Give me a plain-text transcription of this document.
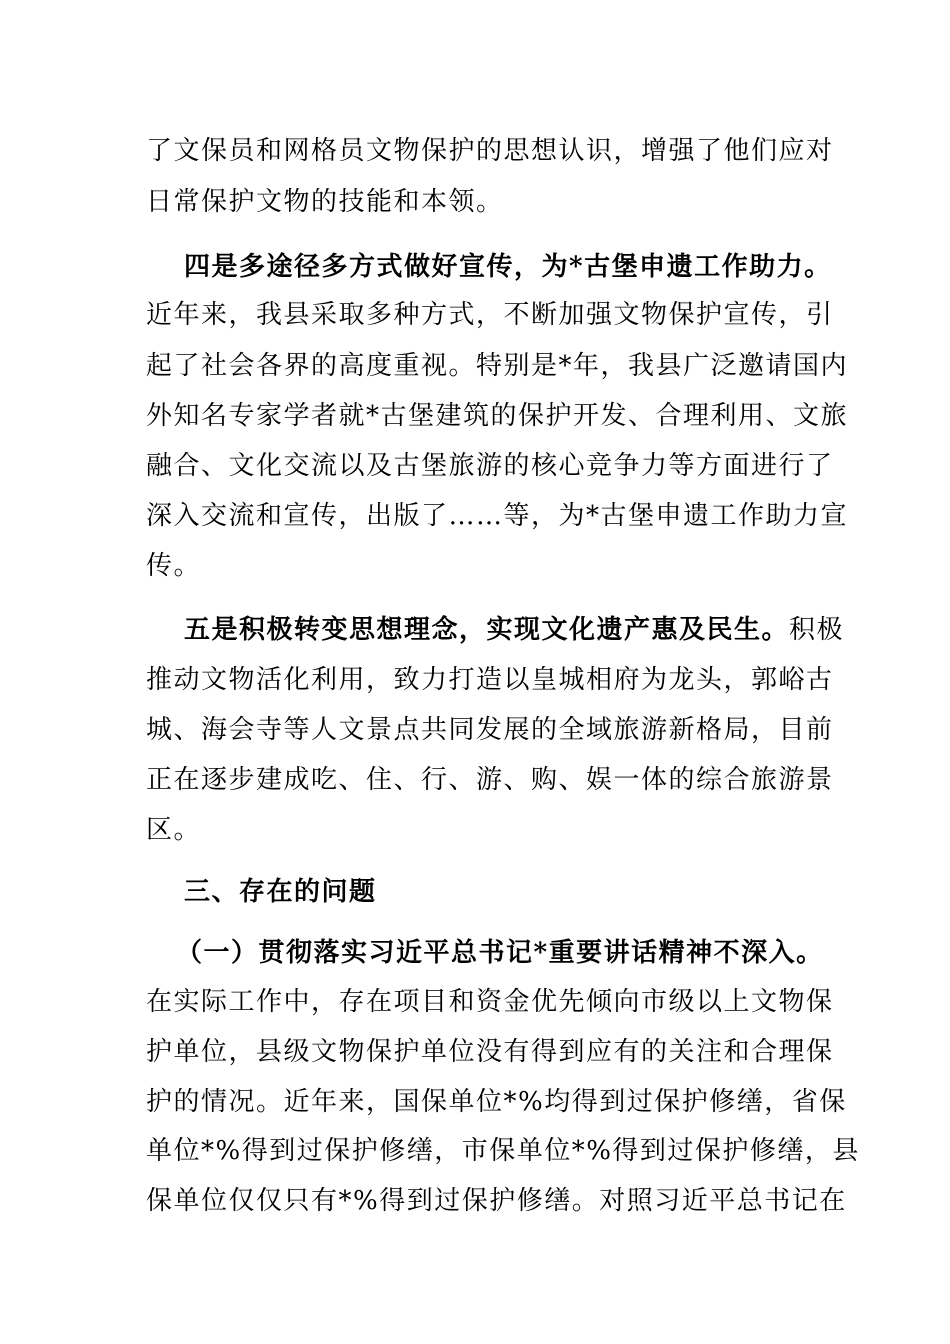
了文保员和网格员文物保护的思想认识，增强了他们应对
日常保护文物的技能和本领。
四是多途径多方式做好宣传，为*古堡申遗工作助力。
近年来，我县采取多种方式，不断加强文物保护宣传，引
起了社会各界的高度重视。特别是*年，我县广泛邀请国内
外知名专家学者就*古堡建筑的保护开发、合理利用、文旅
融合、文化交流以及古堡旅游的核心竞争力等方面进行了
深入交流和宣传，出版了……等，为*古堡申遗工作助力宣
传。
五是积极转变思想理念，实现文化遗产惠及民生。积极
推动文物活化利用，致力打造以皇城相府为龙头，郭峪古
城、海会寺等人文景点共同发展的全域旅游新格局，目前
正在逐步建成吃、住、行、游、购、娱一体的综合旅游景
区。
三、存在的问题
（一）贯彻落实习近平总书记*重要讲话精神不深入。
在实际工作中，存在项目和资金优先倾向市级以上文物保
护单位，县级文物保护单位没有得到应有的关注和合理保
护的情况。近年来，国保单位*%均得到过保护修缮，省保
单位*%得到过保护修缮，市保单位*%得到过保护修缮，县
保单位仅仅只有*%得到过保护修缮。对照习近平总书记在
